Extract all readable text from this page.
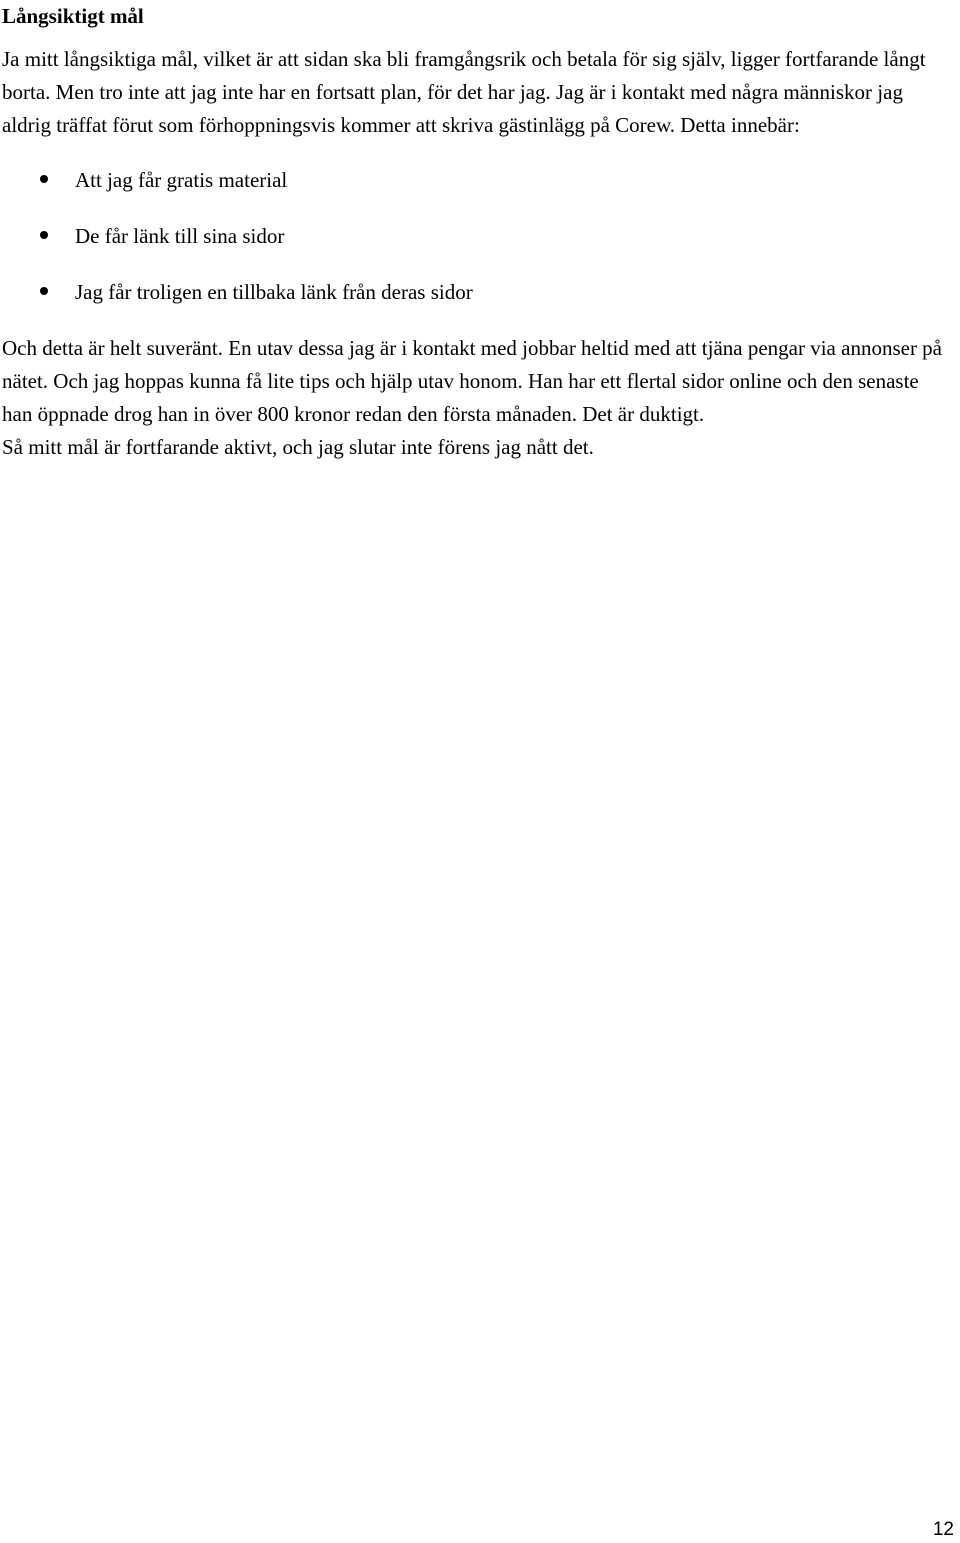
Långsiktigt mål

Ja mitt långsiktiga mål, vilket är att sidan ska bli framgångsrik och betala för sig själv, ligger fortfarande långt borta. Men tro inte att jag inte har en fortsatt plan, för det har jag. Jag är i kontakt med några människor jag aldrig träffat förut som förhoppningsvis kommer att skriva gästinlägg på Corew. Detta innebär:

Att jag får gratis material
De får länk till sina sidor
Jag får troligen en tillbaka länk från deras sidor

Och detta är helt suveränt. En utav dessa jag är i kontakt med jobbar heltid med att tjäna pengar via annonser på nätet. Och jag hoppas kunna få lite tips och hjälp utav honom. Han har ett flertal sidor online och den senaste han öppnade drog han in över 800 kronor redan den första månaden. Det är duktigt.

Så mitt mål är fortfarande aktivt, och jag slutar inte förens jag nått det.

12
